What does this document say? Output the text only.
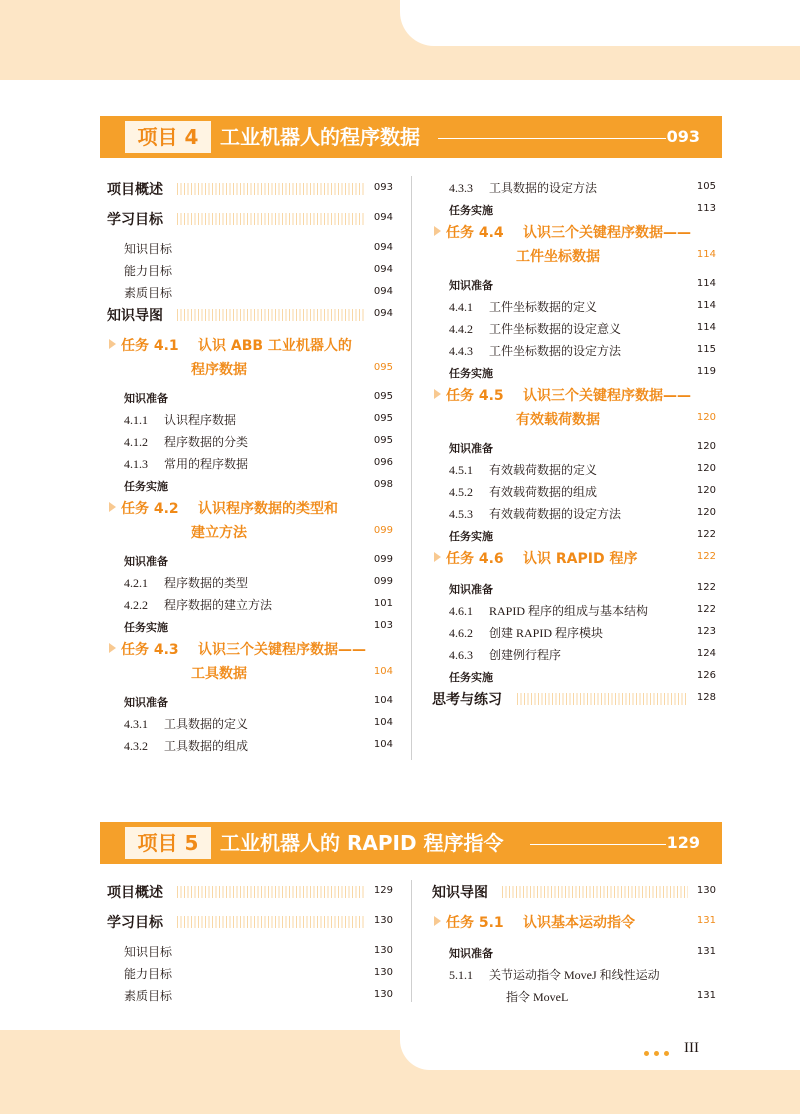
III
项目 4	工业机器人的程序数据	093
项目概述	093
学习目标	094
知识目标	094
能力目标	094
素质目标	094
知识导图	094
任务 4.1 认识 ABB 工业机器人的
程序数据	095
知识准备	095
4.1.1 认识程序数据	095
4.1.2 程序数据的分类	095
4.1.3 常用的程序数据	096
任务实施	098
任务 4.2 认识程序数据的类型和
建立方法	099
知识准备	099
4.2.1 程序数据的类型	099
4.2.2 程序数据的建立方法	101
任务实施	103
任务 4.3 认识三个关键程序数据——
工具数据	104
知识准备	104
4.3.1 工具数据的定义	104
4.3.2 工具数据的组成	104
4.3.3 工具数据的设定方法	105
任务实施	113
任务 4.4 认识三个关键程序数据——
工件坐标数据	114
知识准备	114
4.4.1 工件坐标数据的定义	114
4.4.2 工件坐标数据的设定意义	114
4.4.3 工件坐标数据的设定方法	115
任务实施	119
任务 4.5 认识三个关键程序数据——
有效载荷数据	120
知识准备	120
4.5.1 有效载荷数据的定义	120
4.5.2 有效载荷数据的组成	120
4.5.3 有效载荷数据的设定方法	120
任务实施	122
任务 4.6 认识 RAPID 程序	122
知识准备	122
4.6.1 RAPID 程序的组成与基本结构	122
4.6.2 创建 RAPID 程序模块	123
4.6.3 创建例行程序	124
任务实施	126
思考与练习	128
项目 5	工业机器人的 RAPID 程序指令	129
项目概述	129
学习目标	130
知识目标	130
能力目标	130
素质目标	130
知识导图	130
任务 5.1 认识基本运动指令	131
知识准备	131
5.1.1 关节运动指令 MoveJ 和线性运动
指令 MoveL	131
